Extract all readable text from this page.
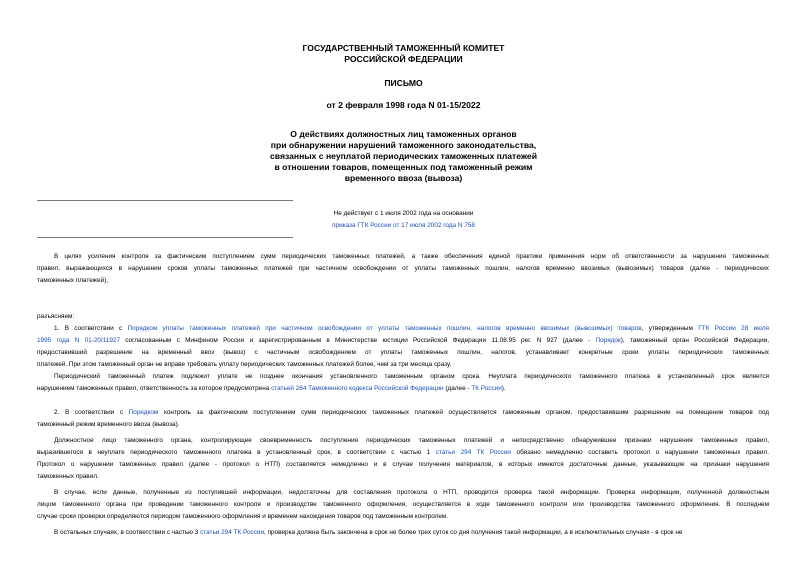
ГОСУДАРСТВЕННЫЙ ТАМОЖЕННЫЙ КОМИТЕТ
РОССИЙСКОЙ ФЕДЕРАЦИИ
ПИСЬМО
от 2 февраля 1998 года N 01-15/2022
О действиях должностных лиц таможенных органов
при обнаружении нарушений таможенного законодательства,
связанных с неуплатой периодических таможенных платежей
в отношении товаров, помещенных под таможенный режим
временного ввоза (вывоза)
Не действует с 1 июля 2002 года на основании
приказа ГТК России от 17 июля 2002 года N 758
В целях усиления контроля за фактическим поступлением сумм периодических таможенных платежей, а также обеспечения единой практики применения норм об ответственности за нарушения таможенных
правил, выражающихся в нарушении сроков уплаты таможенных платежей при частичном освобождении от уплаты таможенных пошлин, налогов временно ввозимых (вывозимых) товаров (далее - периодических
таможенных платежей),
разъясняем:
1. В соответствии с Порядком уплаты таможенных платежей при частичном освобождении от уплаты таможенных пошлин, налогов временно ввозимых (вывозимых) товаров, утвержденным ГТК России 28 июля
1995 года N 01-20/11927 согласованным с Минфином России и зарегистрированным в Министерстве юстиции Российской Федерации 11.08.95 рег. N 927 (далее - Порядок), таможенный орган Российской Федерации,
предоставивший разрешение на временный ввоз (вывоз) с частичным освобождением от уплаты таможенных пошлин, налогов, устанавливает конкретные сроки уплаты периодических таможенных
платежей. При этом таможенный орган не вправе требовать уплату периодических таможенных платежей более, чем за три месяца сразу.
Периодический таможенный платеж подлежит уплате не позднее окончания установленного таможенным органом срока. Неуплата периодического таможенного платежа в установленный срок является
нарушением таможенных правил, ответственность за которое предусмотрена статьей 284 Таможенного кодекса Российской Федерации (далее - ТК России).
2. В соответствии с Порядком контроль за фактическим поступлением сумм периодических таможенных платежей осуществляется таможенным органом, предоставившим разрешение на помещение товаров под
таможенный режим временного ввоза (вывоза).
Должностное лицо таможенного органа, контролирующее своевременность поступления периодических таможенных платежей и непосредственно обнаружившее признаки нарушения таможенных правил,
выразившегося в неуплате периодического таможенного платежа в установленный срок, в соответствии с частью 1 статьи 294 ТК России обязано немедленно составить протокол о нарушении таможенных правил.
Протокол о нарушении таможенных правил (далее - протокол о НТП) составляется немедленно и в случае получения материалов, в которых имеются достаточные данные, указывающие на признаки нарушения
таможенных правил.
В случае, если данные, полученные из поступившей информации, недостаточны для составления протокола о НТП, проводится проверка такой информации. Проверка информации, полученной должностным
лицом таможенного органа при проведении таможенного контроля и производстве таможенного оформления, осуществляется в ходе таможенного контроля или производства таможенного оформления. В последнем
случае сроки проверки определяются периодом таможенного оформления и временем нахождения товаров под таможенным контролем.
В остальных случаях, в соответствии с частью 3 статьи 294 ТК России, проверка должна быть закончена в срок не более трех суток со дня получения такой информации, а в исключительных случаях - в срок не
